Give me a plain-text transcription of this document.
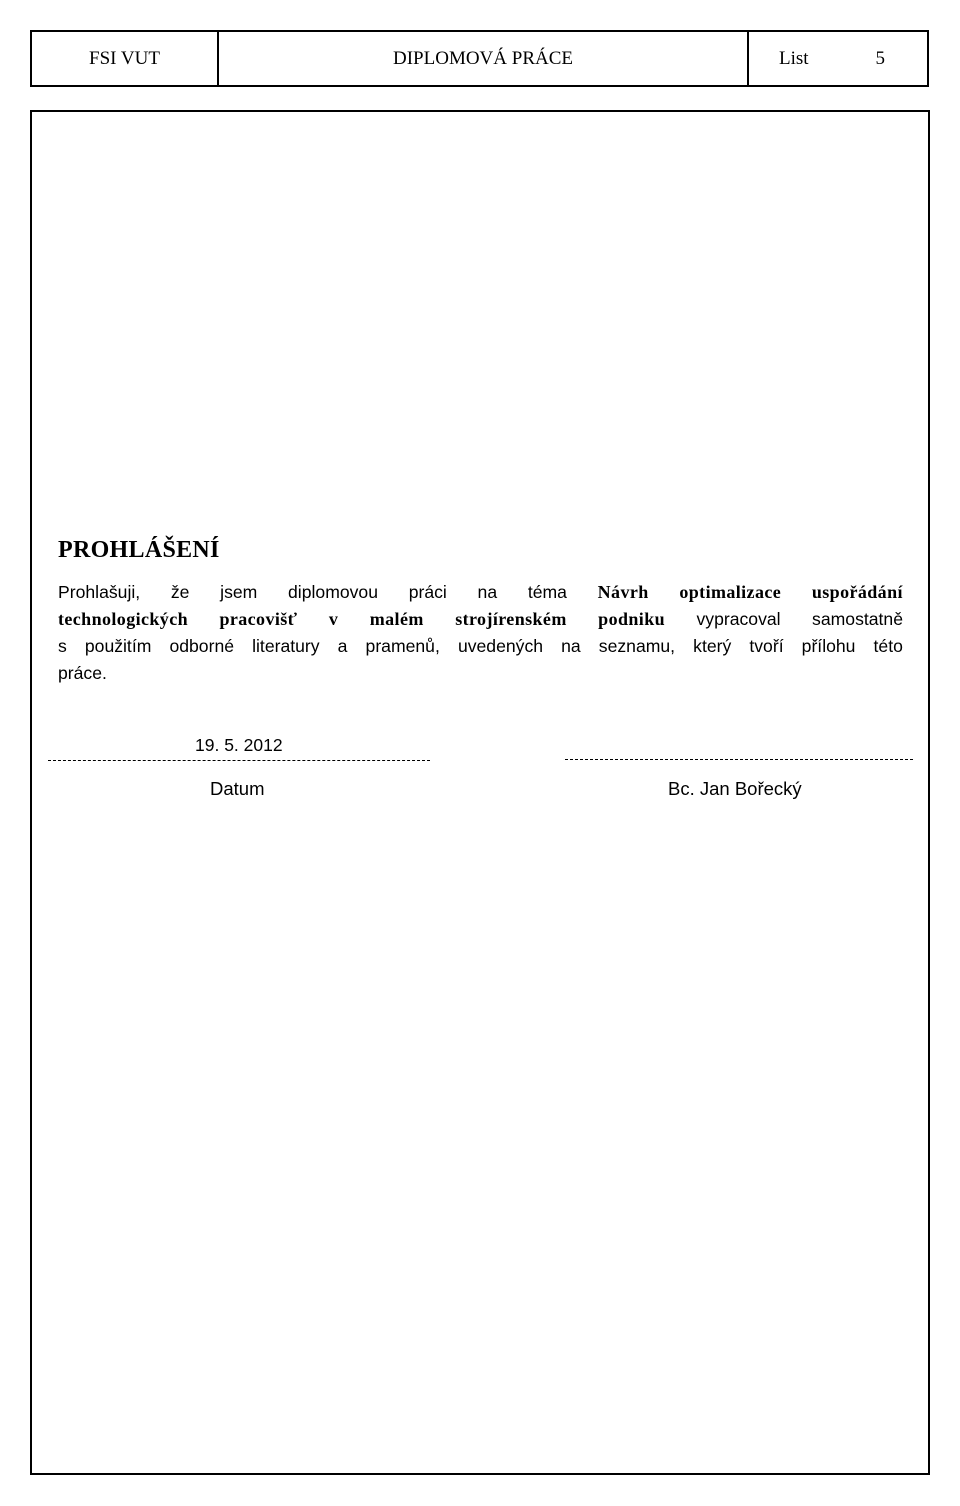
FSI VUT	DIPLOMOVÁ PRÁCE	List	5
PROHLÁŠENÍ
Prohlašuji, že jsem diplomovou práci na téma Návrh optimalizace uspořádání
technologických pracovišť v malém strojírenském podniku vypracoval samostatně
s použitím odborné literatury a pramenů, uvedených na seznamu, který tvoří přílohu této
práce.
19. 5. 2012
Datum	Bc. Jan Bořecký
